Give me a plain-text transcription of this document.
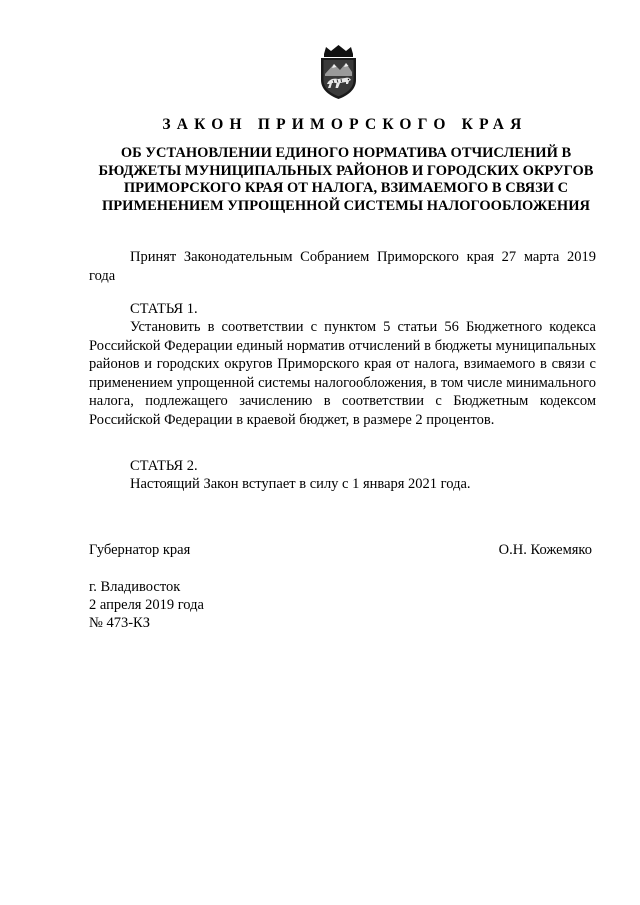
ЗАКОН ПРИМОРСКОГО КРАЯ
ОБ УСТАНОВЛЕНИИ ЕДИНОГО НОРМАТИВА ОТЧИСЛЕНИЙ В БЮДЖЕТЫ МУНИЦИПАЛЬНЫХ РАЙОНОВ И ГОРОДСКИХ ОКРУГОВ ПРИМОРСКОГО КРАЯ ОТ НАЛОГА, ВЗИМАЕМОГО В СВЯЗИ С ПРИМЕНЕНИЕМ УПРОЩЕННОЙ СИСТЕМЫ НАЛОГООБЛОЖЕНИЯ
Принят Законодательным Собранием Приморского края 27 марта 2019 года
СТАТЬЯ 1.
Установить в соответствии с пунктом 5 статьи 56 Бюджетного кодекса Российской Федерации единый норматив отчислений в бюджеты муниципальных районов и городских округов Приморского края от налога, взимаемого в связи с применением упрощенной системы налогообложения, в том числе минимального налога, подлежащего зачислению в соответствии с Бюджетным кодексом Российской Федерации в краевой бюджет, в размере 2 процентов.
СТАТЬЯ 2.
Настоящий Закон вступает в силу с 1 января 2021 года.
Губернатор края	О.Н. Кожемяко
г. Владивосток
2 апреля 2019 года
№ 473-КЗ
